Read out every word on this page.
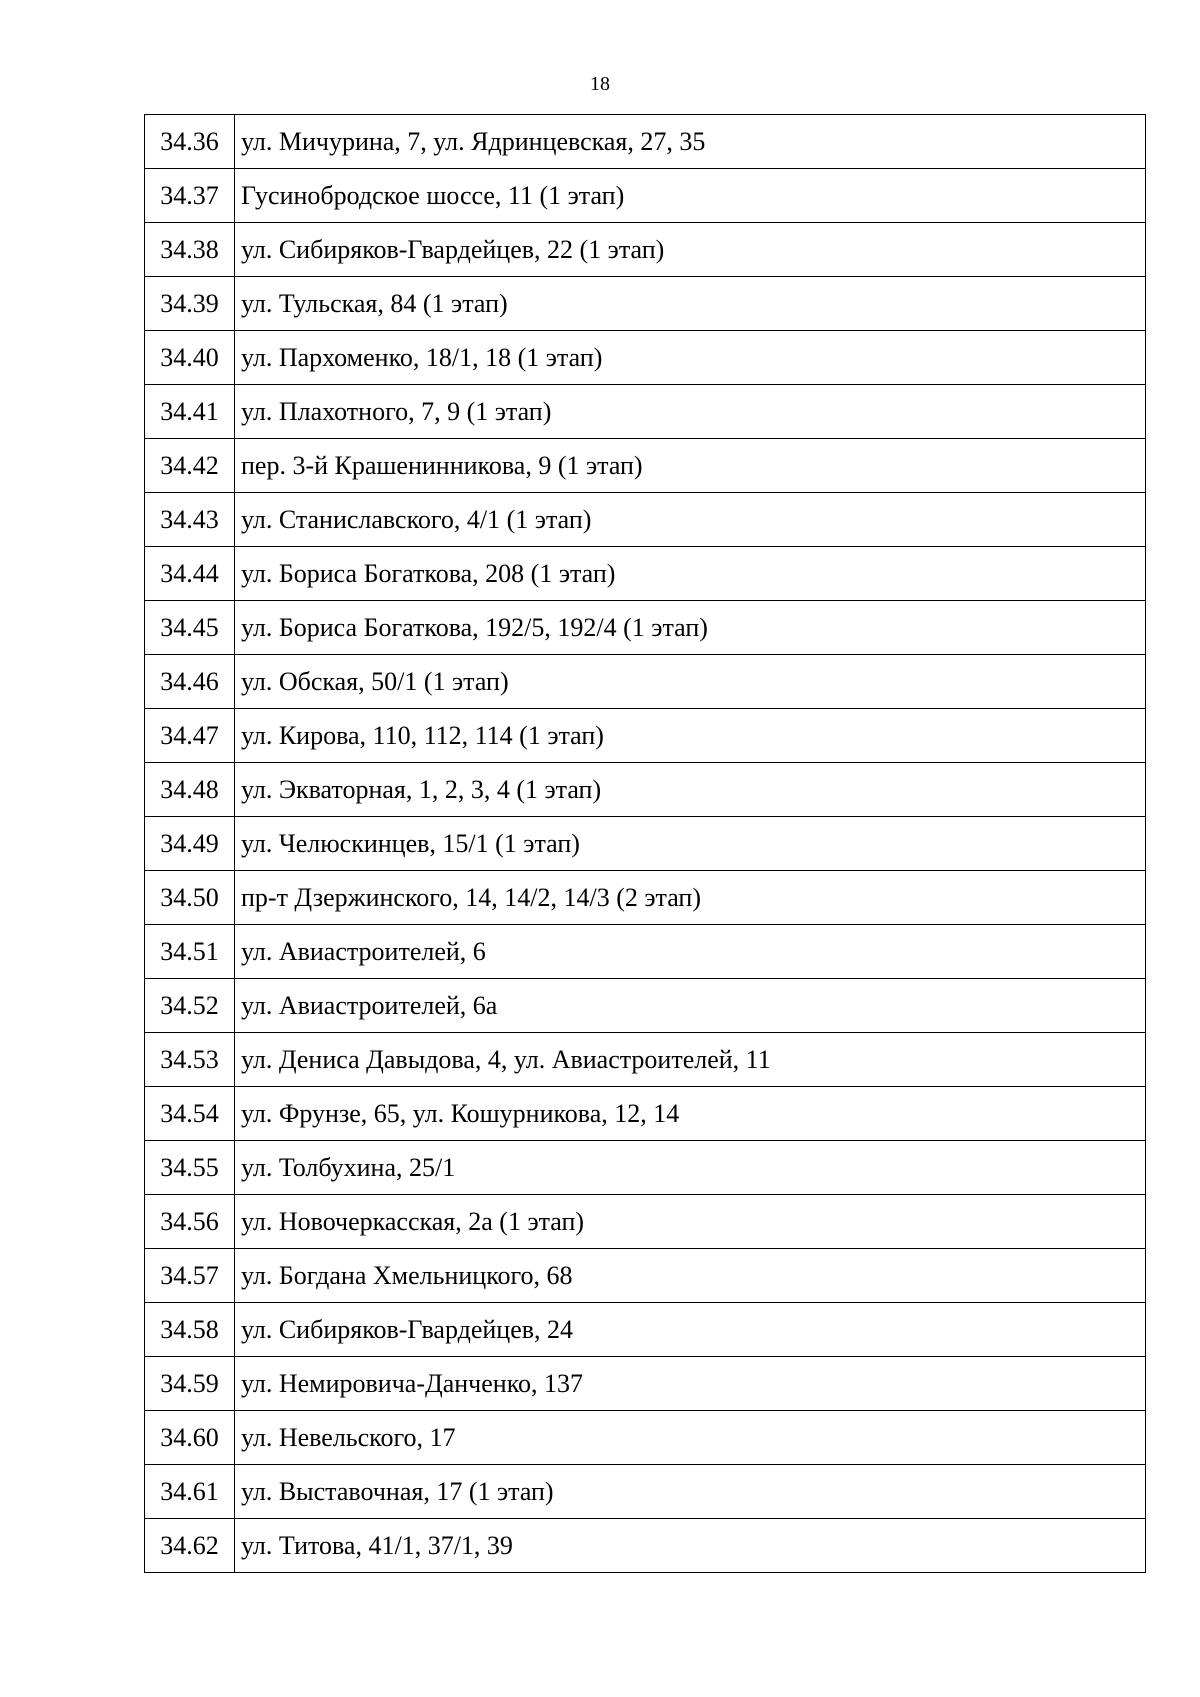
18
34.36	ул. Мичурина, 7, ул. Ядринцевская, 27, 35
34.37	Гусинобродское шоссе, 11 (1 этап)
34.38	ул. Сибиряков-Гвардейцев, 22 (1 этап)
34.39	ул. Тульская, 84 (1 этап)
34.40	ул. Пархоменко, 18/1, 18 (1 этап)
34.41	ул. Плахотного, 7, 9 (1 этап)
34.42	пер. 3-й Крашенинникова, 9 (1 этап)
34.43	ул. Станиславского, 4/1 (1 этап)
34.44	ул. Бориса Богаткова, 208 (1 этап)
34.45	ул. Бориса Богаткова, 192/5, 192/4 (1 этап)
34.46	ул. Обская, 50/1 (1 этап)
34.47	ул. Кирова, 110, 112, 114 (1 этап)
34.48	ул. Экваторная, 1, 2, 3, 4 (1 этап)
34.49	ул. Челюскинцев, 15/1 (1 этап)
34.50	пр-т Дзержинского, 14, 14/2, 14/3 (2 этап)
34.51	ул. Авиастроителей, 6
34.52	ул. Авиастроителей, 6а
34.53	ул. Дениса Давыдова, 4, ул. Авиастроителей, 11
34.54	ул. Фрунзе, 65, ул. Кошурникова, 12, 14
34.55	ул. Толбухина, 25/1
34.56	ул. Новочеркасская, 2а (1 этап)
34.57	ул. Богдана Хмельницкого, 68
34.58	ул. Сибиряков-Гвардейцев, 24
34.59	ул. Немировича-Данченко, 137
34.60	ул. Невельского, 17
34.61	ул. Выставочная, 17 (1 этап)
34.62	ул. Титова, 41/1, 37/1, 39
